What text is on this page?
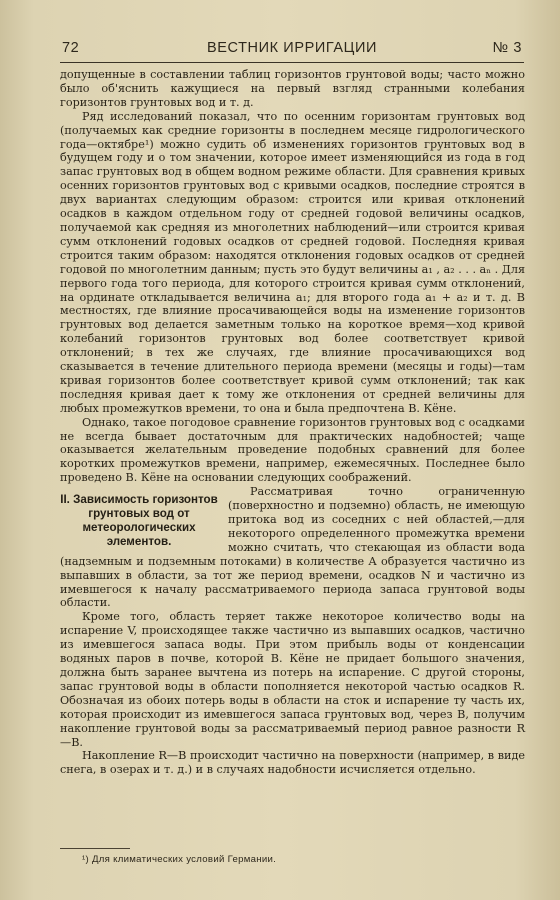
72	ВЕСТНИК ИРРИГАЦИИ	№ 3

допущенные в составлении таблиц горизонтов грунтовой воды; часто можно было об'яснить кажущиеся на первый взгляд странными колебания горизонтов грунтовых вод и т. д.

Ряд исследований показал, что по осенним горизонтам грунтовых вод (получаемых как средние горизонты в последнем месяце гидрологического года—октябре¹) можно судить об изменениях горизонтов грунтовых вод в будущем году и о том значении, которое имеет изменяющийся из года в год запас грунтовых вод в общем водном режиме области. Для сравнения кривых осенних горизонтов грунтовых вод с кривыми осадков, последние строятся в двух вариантах следующим образом: строится или кривая отклонений осадков в каждом отдельном году от средней годовой величины осадков, получаемой как средняя из многолетних наблюдений—или строится кривая сумм отклонений годовых осадков от средней годовой. Последняя кривая строится таким образом: находятся отклонения годовых осадков от средней годовой по многолетним данным; пусть это будут величины a₁ , a₂ . . . aₙ . Для первого года того периода, для которого строится кривая сумм отклонений, на ординате откладывается величина a₁; для второго года a₁ + a₂ и т. д. В местностях, где влияние просачивающейся воды на изменение горизонтов грунтовых вод делается заметным только на короткое время—ход кривой колебаний горизонтов грунтовых вод более соответствует кривой отклонений; в тех же случаях, где влияние просачивающихся вод сказывается в течение длительного периода времени (месяцы и годы)—там кривая горизонтов более соответствует кривой сумм отклонений; так как последняя кривая дает к тому же отклонения от средней величины для любых промежутков времени, то она и была предпочтена В. Кёне.

Однако, такое погодовое сравнение горизонтов грунтовых вод с осадками не всегда бывает достаточным для практических надобностей; чаще оказывается желательным проведение подобных сравнений для более коротких промежутков времени, например, ежемесячных. Последнее было проведено В. Кёне на основании следующих соображений.

II. Зависимость горизонтов грунтовых вод от метеорологических элементов.

Рассматривая точно ограниченную (поверхностно и подземно) область, не имеющую притока вод из соседних с ней областей,—для некоторого определенного промежутка времени можно считать, что стекающая из области вода (надземным и подземным потоками) в количестве A образуется частично из выпавших в области, за тот же период времени, осадков N и частично из имевшегося к началу рассматриваемого периода запаса грунтовой воды области.

Кроме того, область теряет также некоторое количество воды на испарение V, происходящее также частично из выпавших осадков, частично из имевшегося запаса воды. При этом прибыль воды от конденсации водяных паров в почве, которой В. Кёне не придает большого значения, должна быть заранее вычтена из потерь на испарение. С другой стороны, запас грунтовой воды в области пополняется некоторой частью осадков R. Обозначая из обоих потерь воды в области на сток и испарение ту часть их, которая происходит из имевшегося запаса грунтовых вод, через B, получим накопление грунтовой воды за рассматриваемый период равное разности R—B.

Накопление R—B происходит частично на поверхности (например, в виде снега, в озерах и т. д.) и в случаях надобности исчисляется отдельно.

¹) Для климатических условий Германии.
